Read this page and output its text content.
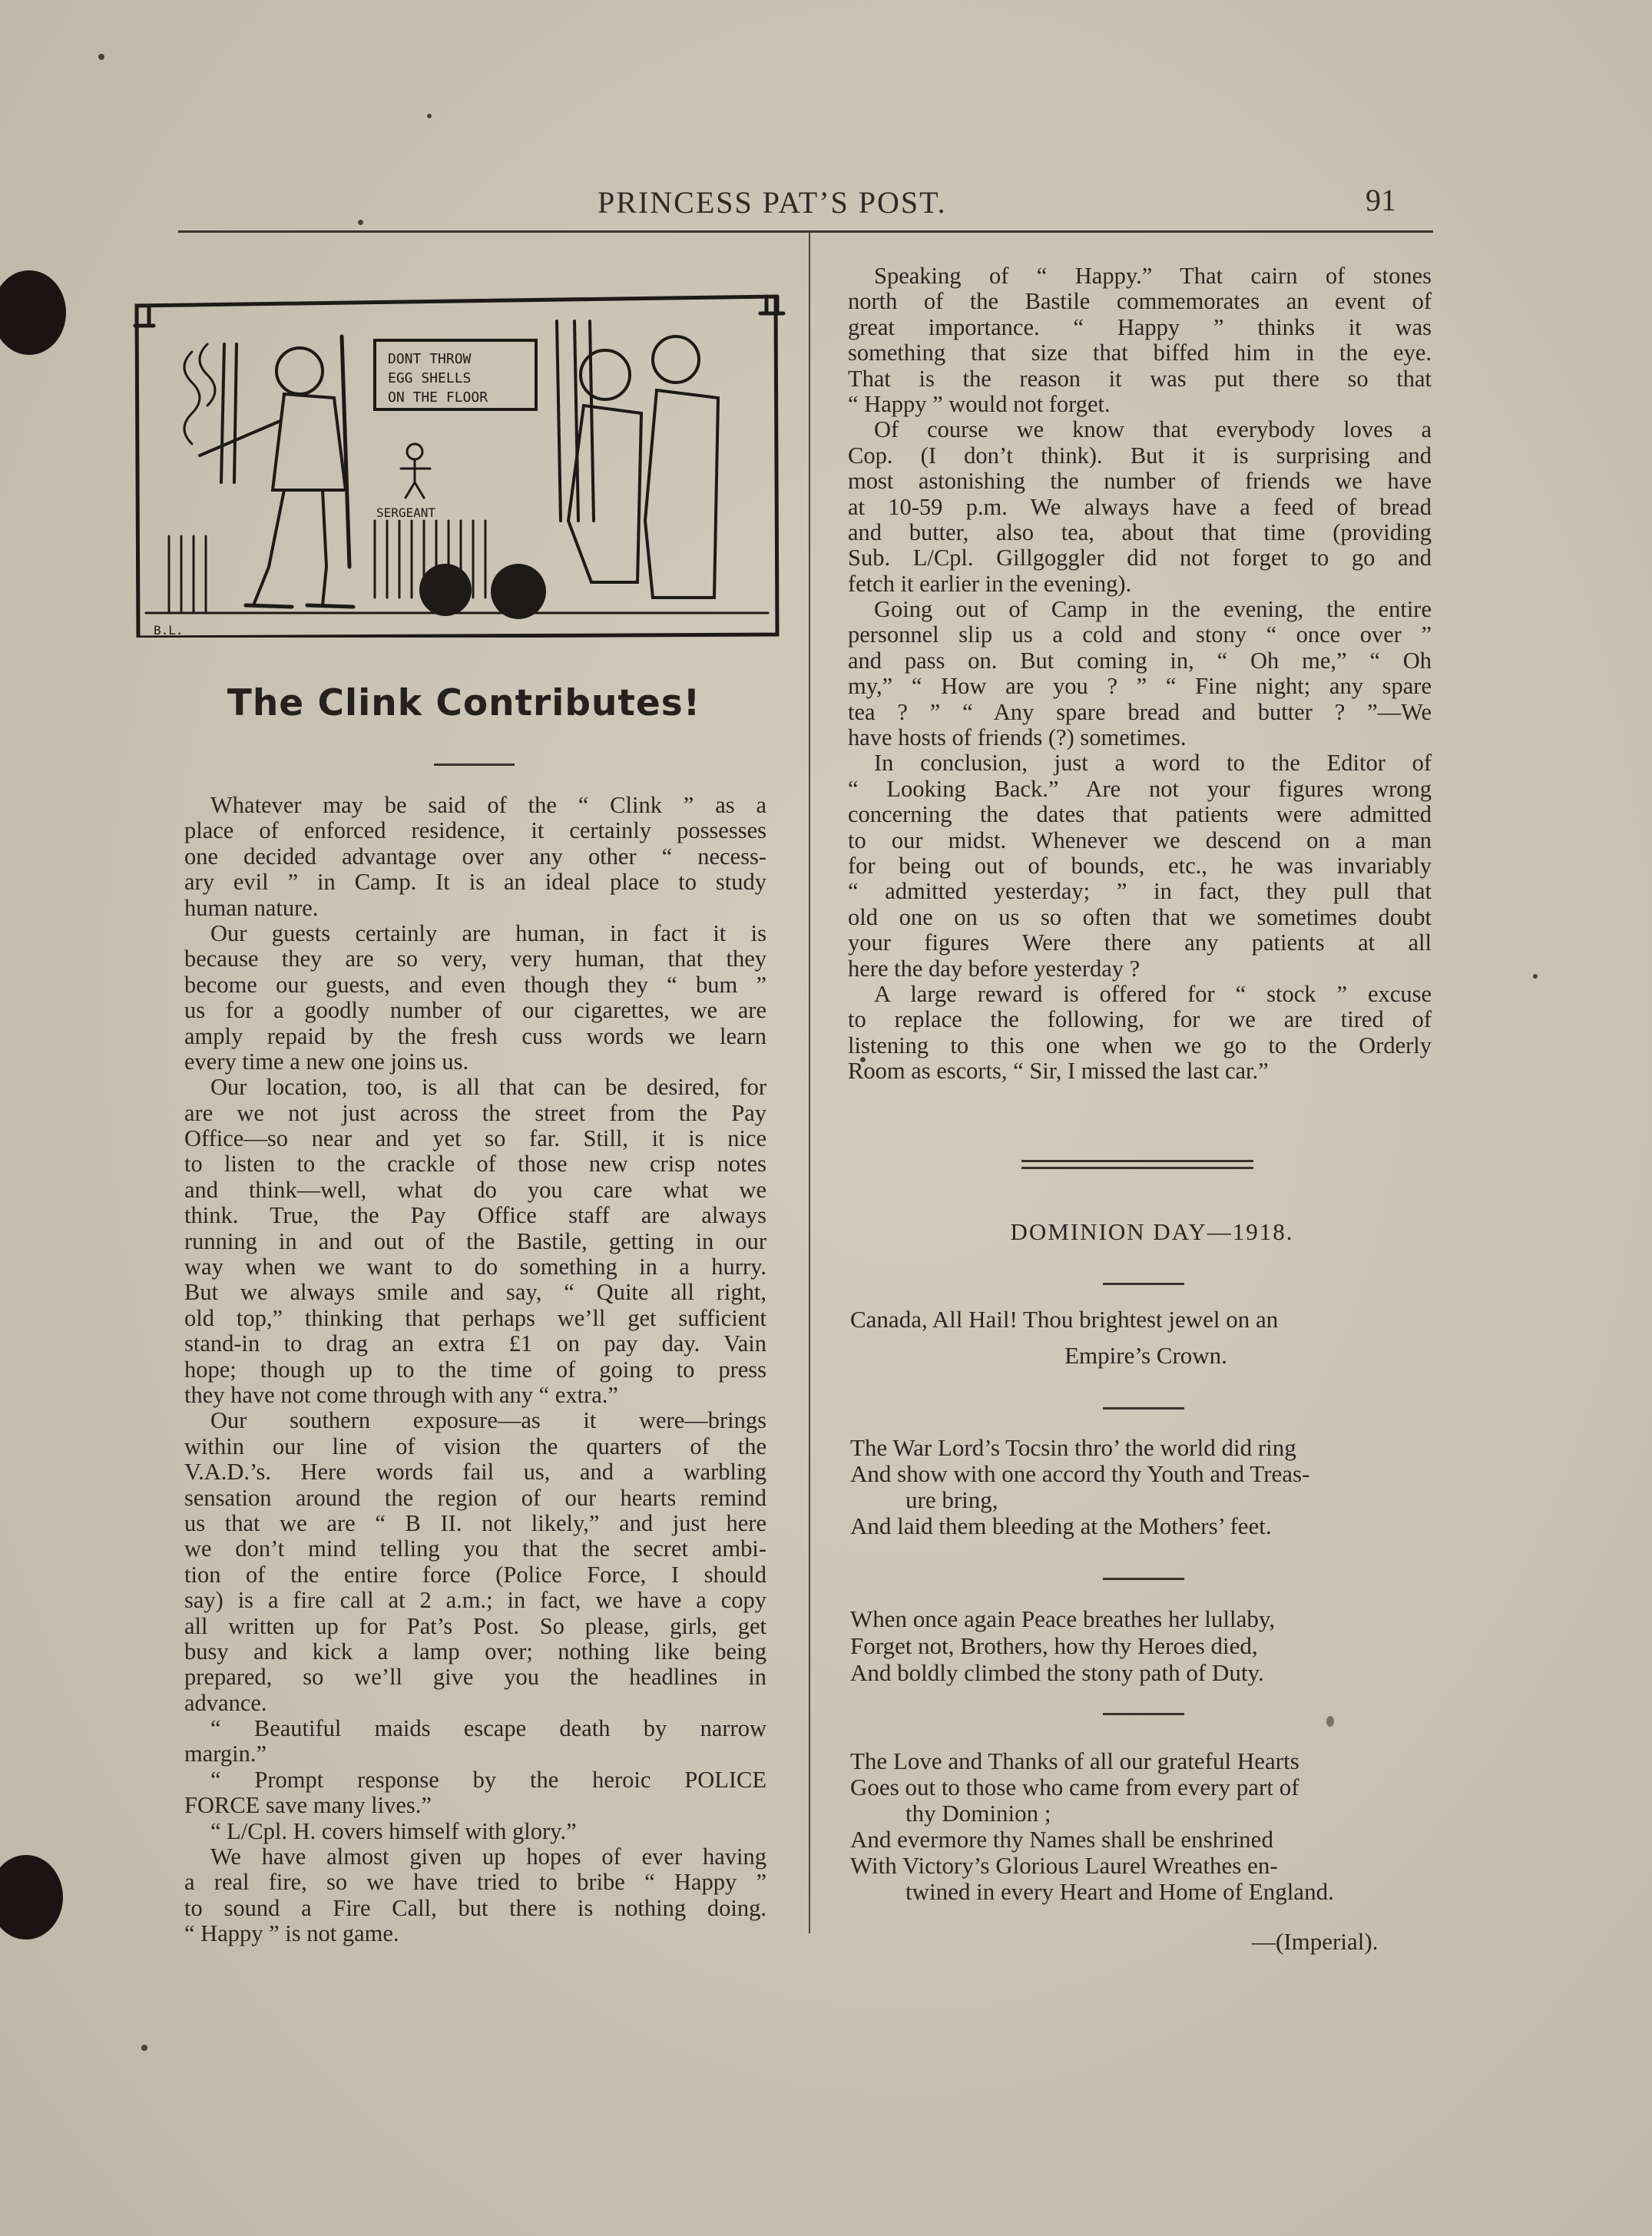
PRINCESS PAT’S POST.	91
DONT THROW
EGG SHELLS
ON THE FLOOR
SERGEANT
B.L.
The Clink Contributes!
Whatever may be said of the “ Clink ” as a
place of enforced residence, it certainly possesses
one decided advantage over any other “ necess-
ary evil ” in Camp. It is an ideal place to study
human nature.
Our guests certainly are human, in fact it is
because they are so very, very human, that they
become our guests, and even though they “ bum ”
us for a goodly number of our cigarettes, we are
amply repaid by the fresh cuss words we learn
every time a new one joins us.
Our location, too, is all that can be desired, for
are we not just across the street from the Pay
Office—so near and yet so far. Still, it is nice
to listen to the crackle of those new crisp notes
and think—well, what do you care what we
think. True, the Pay Office staff are always
running in and out of the Bastile, getting in our
way when we want to do something in a hurry.
But we always smile and say, “ Quite all right,
old top,” thinking that perhaps we’ll get sufficient
stand-in to drag an extra £1 on pay day. Vain
hope; though up to the time of going to press
they have not come through with any “ extra.”
Our southern exposure—as it were—brings
within our line of vision the quarters of the
V.A.D.’s. Here words fail us, and a warbling
sensation around the region of our hearts remind
us that we are “ B II. not likely,” and just here
we don’t mind telling you that the secret ambi-
tion of the entire force (Police Force, I should
say) is a fire call at 2 a.m.; in fact, we have a copy
all written up for Pat’s Post. So please, girls, get
busy and kick a lamp over; nothing like being
prepared, so we’ll give you the headlines in
advance.
“ Beautiful maids escape death by narrow
margin.”
“ Prompt response by the heroic POLICE
FORCE save many lives.”
“ L/Cpl. H. covers himself with glory.”
We have almost given up hopes of ever having
a real fire, so we have tried to bribe “ Happy ”
to sound a Fire Call, but there is nothing doing.
“ Happy ” is not game.
Speaking of “ Happy.” That cairn of stones
north of the Bastile commemorates an event of
great importance. “ Happy ” thinks it was
something that size that biffed him in the eye.
That is the reason it was put there so that
“ Happy ” would not forget.
Of course we know that everybody loves a
Cop. (I don’t think). But it is surprising and
most astonishing the number of friends we have
at 10-59 p.m. We always have a feed of bread
and butter, also tea, about that time (providing
Sub. L/Cpl. Gillgoggler did not forget to go and
fetch it earlier in the evening).
Going out of Camp in the evening, the entire
personnel slip us a cold and stony “ once over ”
and pass on. But coming in, “ Oh me,” “ Oh
my,” “ How are you ? ” “ Fine night; any spare
tea ? ” “ Any spare bread and butter ? ”—We
have hosts of friends (?) sometimes.
In conclusion, just a word to the Editor of
“ Looking Back.” Are not your figures wrong
concerning the dates that patients were admitted
to our midst. Whenever we descend on a man
for being out of bounds, etc., he was invariably
“ admitted yesterday; ” in fact, they pull that
old one on us so often that we sometimes doubt
your figures Were there any patients at all
here the day before yesterday ?
A large reward is offered for “ stock ” excuse
to replace the following, for we are tired of
listening to this one when we go to the Orderly
Room as escorts, “ Sir, I missed the last car.”
DOMINION DAY—1918.
Canada, All Hail! Thou brightest jewel on an
Empire’s Crown.
The War Lord’s Tocsin thro’ the world did ring
And show with one accord thy Youth and Treas-
ure bring,
And laid them bleeding at the Mothers’ feet.
When once again Peace breathes her lullaby,
Forget not, Brothers, how thy Heroes died,
And boldly climbed the stony path of Duty.
The Love and Thanks of all our grateful Hearts
Goes out to those who came from every part of
thy Dominion ;
And evermore thy Names shall be enshrined
With Victory’s Glorious Laurel Wreathes en-
twined in every Heart and Home of England.
—(Imperial).
